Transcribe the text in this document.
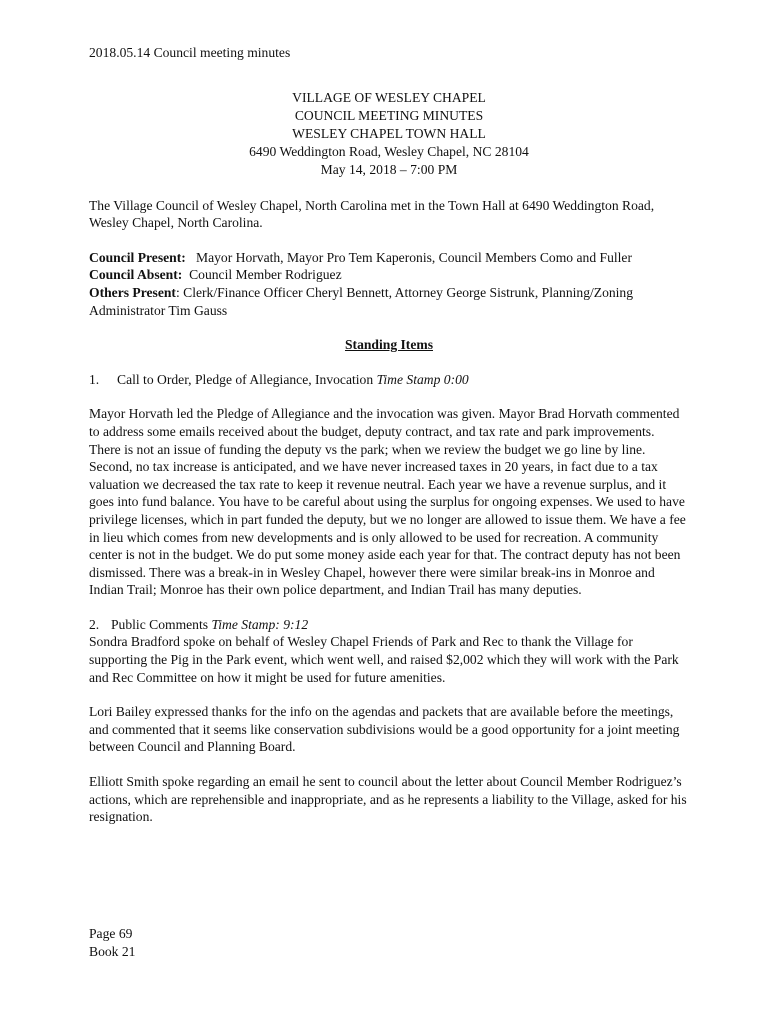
2018.05.14 Council meeting minutes
VILLAGE OF WESLEY CHAPEL
COUNCIL MEETING MINUTES
WESLEY CHAPEL TOWN HALL
6490 Weddington Road, Wesley Chapel, NC 28104
May 14, 2018 – 7:00 PM

The Village Council of Wesley Chapel, North Carolina met in the Town Hall at 6490 Weddington Road, Wesley Chapel, North Carolina.

Council Present: Mayor Horvath, Mayor Pro Tem Kaperonis, Council Members Como and Fuller
Council Absent: Council Member Rodriguez
Others Present: Clerk/Finance Officer Cheryl Bennett, Attorney George Sistrunk, Planning/Zoning Administrator Tim Gauss
Standing Items
1. Call to Order, Pledge of Allegiance, Invocation Time Stamp 0:00

Mayor Horvath led the Pledge of Allegiance and the invocation was given. Mayor Brad Horvath commented to address some emails received about the budget, deputy contract, and tax rate and park improvements. There is not an issue of funding the deputy vs the park; when we review the budget we go line by line. Second, no tax increase is anticipated, and we have never increased taxes in 20 years, in fact due to a tax valuation we decreased the tax rate to keep it revenue neutral. Each year we have a revenue surplus, and it goes into fund balance. You have to be careful about using the surplus for ongoing expenses. We used to have privilege licenses, which in part funded the deputy, but we no longer are allowed to issue them. We have a fee in lieu which comes from new developments and is only allowed to be used for recreation. A community center is not in the budget. We do put some money aside each year for that. The contract deputy has not been dismissed. There was a break-in in Wesley Chapel, however there were similar break-ins in Monroe and Indian Trail; Monroe has their own police department, and Indian Trail has many deputies.

2. Public Comments Time Stamp: 9:12

Sondra Bradford spoke on behalf of Wesley Chapel Friends of Park and Rec to thank the Village for supporting the Pig in the Park event, which went well, and raised $2,002 which they will work with the Park and Rec Committee on how it might be used for future amenities.

Lori Bailey expressed thanks for the info on the agendas and packets that are available before the meetings, and commented that it seems like conservation subdivisions would be a good opportunity for a joint meeting between Council and Planning Board.

Elliott Smith spoke regarding an email he sent to council about the letter about Council Member Rodriguez’s actions, which are reprehensible and inappropriate, and as he represents a liability to the Village, asked for his resignation.

Page 69
Book 21
